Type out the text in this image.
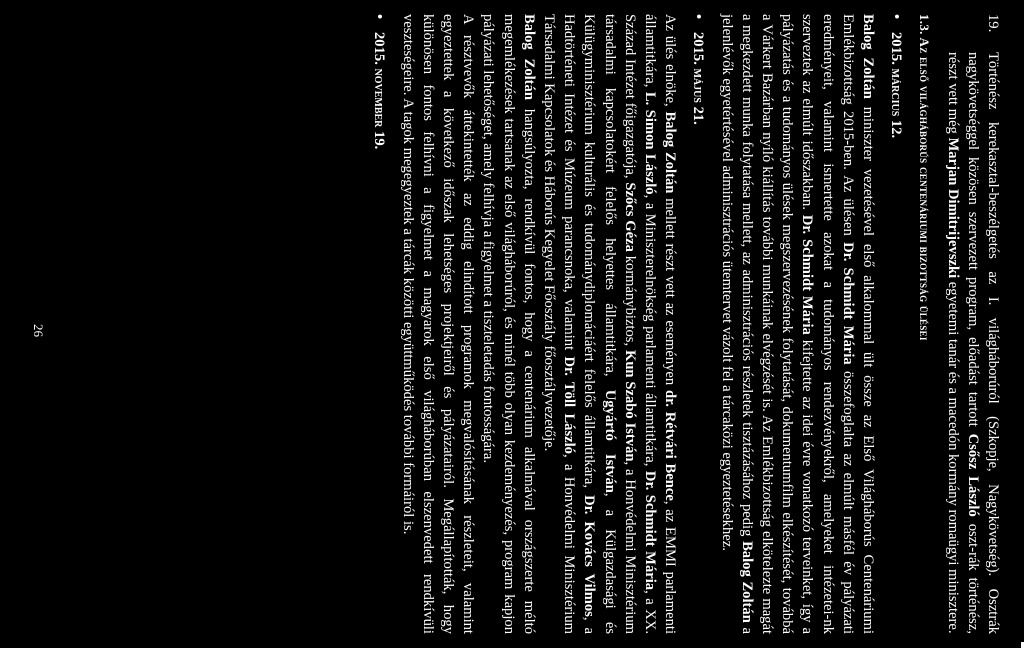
19.Történész kerekasztal-beszélgetés az I. világháborúról (Szkopje, Nagykövetség). Osztrák nagykövetséggel közösen szervezett program, előadást tartott Csősz László oszt-rák történész, részt vett még Marjan Dimitrijevszki egyetemi tanár és a macedón kormány romaügyi minisztere.

1.3. Az első világháborús centenáriumi bizottság ülései
•
2015. március 12.

Balog Zoltán miniszter vezetésével első alkalommal ült össze az Első Világháborús Centenáriumi Emlékbizottság 2015-ben. Az ülésen Dr. Schmidt Mária összefoglalta az elmúlt másfél év pályázati eredményeit, valamint ismertette azokat a tudományos rendezvényekről, amelyeket intézetei-nk szerveztek az elmúlt időszakban. Dr. Schmidt Mária kifejtette az idei évre vonatkozó terveinket, így a pályázatás és a tudományos ülések megszervezésének folytatását, dokumentumfilm elkészítését, továbbá a Várkert Bazárban nyíló kiállítás további munkáinak elvégzését is. Az Emlékbizottság elkötelezte magát a megkezdett munka folytatása mellett, az adminisztrációs részletek tisztázásához pedig Balog Zoltán a jelenlévők egyetértésével adminisztrációs ütemtervet vázolt fel a tárcaközi egyeztetésekhez.

•
2015. május 21.

Az ülés elnöke, Balog Zoltán mellett részt vett az eseményen dr. Rétvári Bence, az EMMI parlamenti államtitkára, L. Simon László, a Miniszterelnökség parlamenti államtitkára, Dr. Schmidt Mária, a XX. Század Intézet főigazgatója, Szőcs Géza kormánybiztos, Kun Szabó István, a Honvédelmi Minisztérium társadalmi kapcsolatokért felelős helyettes államtitkára, Ugyártó István, a Külgazdasági és Külügyminisztérium kulturális és tudománydiplomáciáért felelős államtitkára, Dr. Kovács Vilmos, a Hadtörténeti Intézet és Múzeum parancsnoka, valamint Dr. Töll László, a Honvédelmi Minisztérium Társadalmi Kapcsolatok és Háborús Kegyelet Főosztály főosztályvezetője.

Balog Zoltán hangsúlyozta, rendkívül fontos, hogy a centenárium alkalmával országszerte méltó megemlékezések tartsanak az első világháborúról, és minél több olyan kezdeményezés, program kapjon pályázati lehetőséget, amely felhívja a figyelmet a tiszteletadás fontosságára.

A résztvevők áttekintették az eddig elindított programok megvalósításának részleteit, valamint egyeztettek a következő időszak lehetséges projektjeiről és pályázatairól. Megállapították, hogy különösen fontos felhívni a figyelmet a magyarok első világháborúban elszenvedett rendkívüli veszteségeire. A tagok megegyeztek a tárcák közötti együttműködés további formáiról is.

•
2015. november 19.
26
